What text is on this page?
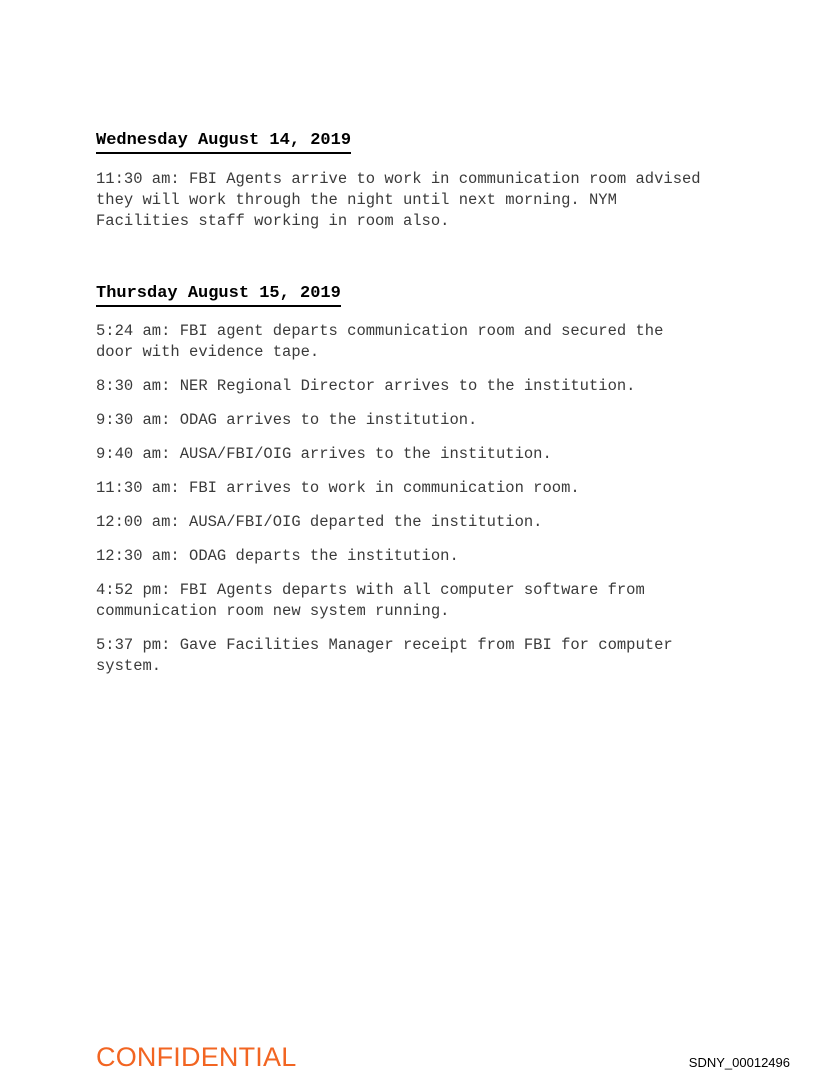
Wednesday August 14, 2019

11:30 am: FBI Agents arrive to work in communication room advised
they will work through the night until next morning. NYM
Facilities staff working in room also.

Thursday August 15, 2019

5:24 am: FBI agent departs communication room and secured the
door with evidence tape.

8:30 am: NER Regional Director arrives to the institution.

9:30 am: ODAG arrives to the institution.

9:40 am: AUSA/FBI/OIG arrives to the institution.

11:30 am: FBI arrives to work in communication room.

12:00 am: AUSA/FBI/OIG departed the institution.

12:30 am: ODAG departs the institution.

4:52 pm: FBI Agents departs with all computer software from
communication room new system running.

5:37 pm: Gave Facilities Manager receipt from FBI for computer
system.

CONFIDENTIAL	SDNY_00012496
